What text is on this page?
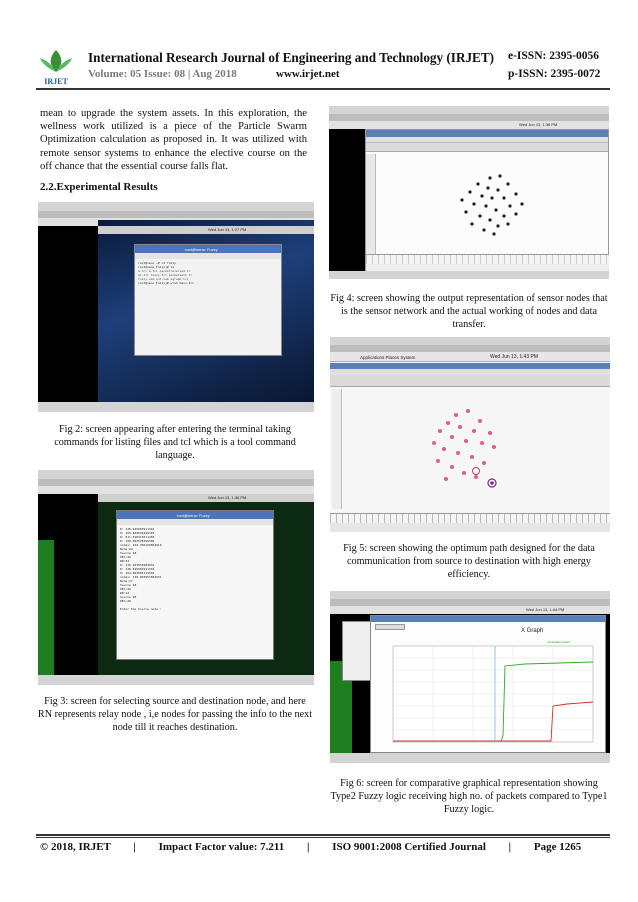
IRJET
International Research Journal of Engineering and Technology (IRJET) e-ISSN: 2395-0056
Volume: 05 Issue: 08 | Aug 2018	www.irjet.net	p-ISSN: 2395-0072
mean to upgrade the system assets. In this exploration, the wellness work utilized is a piece of the Particle Swarm Optimization calculation as proposed in. It was utilized with remote sensor systems to enhance the elective course on the off chance that the essential course falls flat.
2.2.Experimental Results
Wed Jun 13, 1:27 PM
root@neno: Fuzzy
root@neno ~# cd fuzzy
root@neno Fuzzy]# ls
a.tcl b.tcl packetreceived.tr
a1.tcl fuzzy.tcl packetsent.tr
fuzzy.nam out.nam xgraph.tcl
root@neno Fuzzy]# wish main.tcl
Fig 2: screen appearing after entering the terminal taking commands for listing files and tcl which is a tool command language.
Wed Jun 13, 1:36 PM
root@neno: Fuzzy
D: 136.949903911391
D: 165.849039449303
D: 011.490415011403
D: 108.003578396300
nodes: 102.766160604910
Node:24
Source 28
DES:29
RN:24
D: 136.903953684931
D: 138.849903911391
D: 164.863903744594
nodes: 130.003953684931
Node:17
Source 28
DES:29
RN:12
Source 28
DES:29
Enter the Source node :
Fig 3: screen for selecting source and destination node, and here RN represents relay node , i,e nodes for passing the info to the next node till it reaches destination.
Wed Jun 13, 1:38 PM
Fig 4: screen showing the output representation of sensor nodes that is the sensor network and the actual working of nodes and data transfer.
Applications Places System	Wed Jun 13, 1:43 PM
Fig 5: screen showing the optimum path designed for the data communication from source to destination with high energy efficiency.
Wed Jun 13, 1:44 PM
X Graph
packetReceived4
Fig 6: screen for comparative graphical representation showing Type2 Fuzzy logic receiving high no. of packets compared to Type1 Fuzzy logic.
© 2018, IRJET | Impact Factor value: 7.211 | ISO 9001:2008 Certified Journal | Page 1265
